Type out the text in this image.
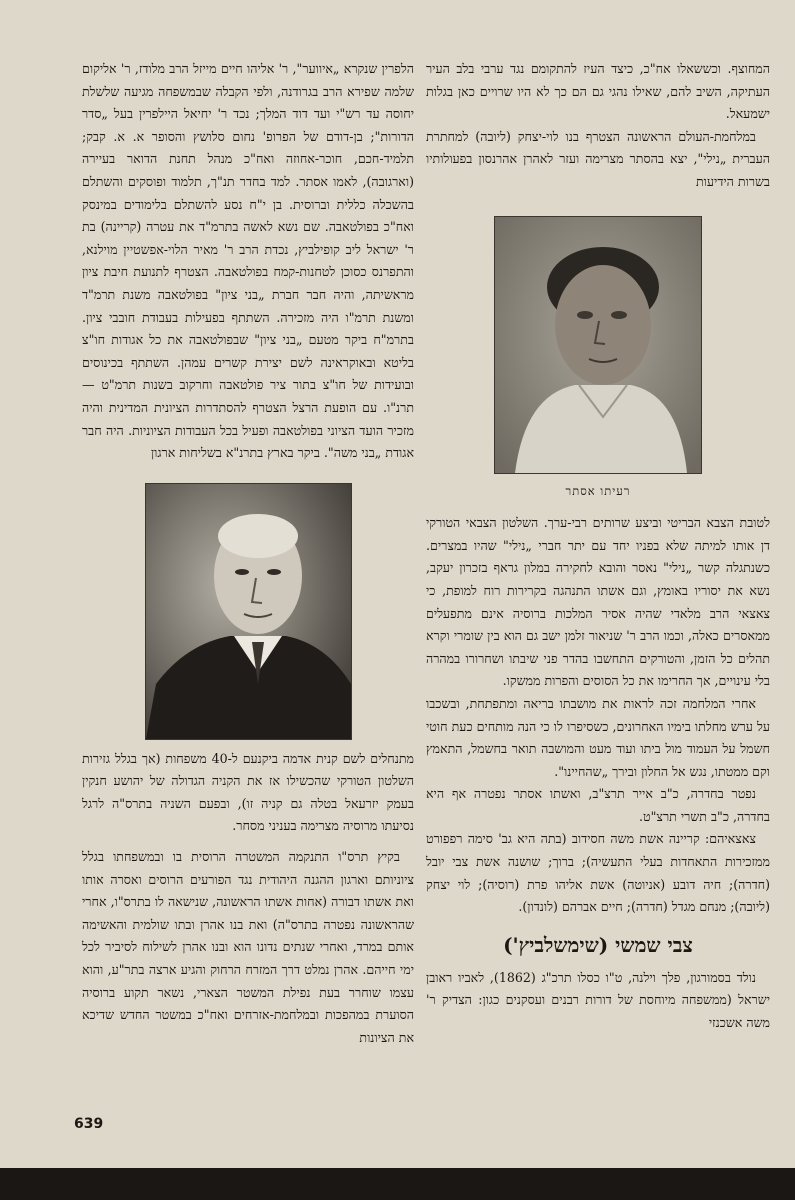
המחוצף. וכששאלו אח"כ, כיצד העיז להתקומם נגד ערבי בלב העיר העתיקה, השיב להם, שאילו נהגי גם הם כך לא היו שרויים כאן בגלות ישמעאל.

במלחמת-העולם הראשונה הצטרף בנו לוי-יצחק (ליובה) למחתרת העברית „נילי", יצא בהסתר מצרימה ועזר לאהרן אהרנסון בפעולותיו בשרות הידיעות

רעיתו אסתר

לטובת הצבא הבריטי וביצע שרותים רבי-ערך. השלטון הצבאי הטורקי דן אותו למיתה שלא בפניו יחד עם יתר חברי „נילי" שהיו במצרים. כשנתגלה קשר „נילי" נאסר והובא לחקירה במלון גראף בזכרון יעקב, נשא את יסוריו באומץ, וגם אשתו התנהגה בקרירות רוח למופת, כי צאצאי הרב מלאדי שהיה אסיר המלכות ברוסיה אינם מתפעלים ממאסרים כאלה, וכמו הרב ר' שניאור זלמן ישב גם הוא בין שומרי וקרא תהלים כל הזמן, והטורקים התחשבו בהדר פני שיבתו ושחרורו במהרה בלי עינויים, אך החרימו את כל הסוסים והפרות ממשקו.

אחרי המלחמה זכה לראות את מושבתו בריאה ומתפתחת, ובשכבו על ערש מחלתו בימיו האחרונים, כשסיפרו לו כי הנה מותחים כעת חוטי חשמל על העמוד מול ביתו ועוד מעט והמושבה תואר בחשמל, התאמץ וקם ממטתו, נגש אל החלון ובירך „שהחיינו".

נפטר בחדרה, כ"ב אייר תרצ"ב, ואשתו אסתר נפטרה אף היא בחדרה, כ"ב תשרי תרצ"ט.

צאצאיהם: קריינה אשת משה חסידוב (בתה היא גב' סימה רפפורט ממזכירות התאחדות בעלי התעשיה); ברוך; שושנה אשת צבי יובל (חדרה); חיה דובע (אניוטה) אשת אליהו פרת (רוסיה); לוי יצחק (ליובה); מנחם מגדל (חדרה); חיים אברהם (לונדון).

צבי שמשי (שימשלביץ')

נולד בסמורגון, פלך וילנה, ט"ו כסלו תרכ"ג (1862), לאביו ראובן ישראל (ממשפחה מיוחסת של דורות רבנים ועסקנים כגון: הצדיק ר' משה אשכנזי

הלפרין שנקרא „איווער", ר' אליהו חיים מייזל הרב מלודז, ר' אליקום שלמה שפירא הרב בגרודנה, ולפי הקבלה שבמשפחה מגיעה שלשלת יחוסה עד רש"י ועד דוד המלך; נכד ר' יחיאל היילפרין בעל „סדר הדורות"; בן-דודם של הפרופ' נחום סלושץ והסופר א. א. קבק; תלמיד-חכם, חוכר-אחוזה ואח"כ מנהל תחנת הדואר בעיירה (וארגובה), לאמו אסתר. למד בחדר תנ"ך, תלמוד ופוסקים והשתלם בהשכלה כללית וברוסית. בן י"ח נסע להשתלם בלימודים במינסק ואח"כ בפולטאבה. שם נשא לאשה בתרמ"ד את עטרה (קריינה) בת ר' ישראל ליב קופילביץ, נכדת הרב ר' מאיר הלוי-אפשטיין מוילנא, והתפרנס כסוכן לטחנות-קמח בפולטאבה. הצטרף לתנועת חיבת ציון מראשיתה, והיה חבר חברת „בני ציון" בפולטאבה משנת תרמ"ד ומשנת תרמ"ו היה מזכירה. השתתף בפעילות בעבודת חובבי ציון. בתרמ"ח ביקר מטעם „בני ציון" שבפולטאבה את כל אגודות חו"צ בליטא ובאוקראינה לשם יצירת קשרים עמהן. השתתף בכינוסים ובועידות של חו"צ בתור ציר פולטאבה וחרקוב בשנות תרמ"ט — תרנ"ו. עם הופעת הרצל הצטרף להסתדרות הציונית המדינית והיה מזכיר הועד הציוני בפולטאבה ופעיל בכל העבודות הציוניות. היה חבר אגודת „בני משה". ביקר בארץ בתרנ"א בשליחות ארגון

מתנחלים לשם קנית אדמה ביקנעם ל-40 משפחות (אך בגלל גזירות השלטון הטורקי שהכשילו אז את הקניה הגדולה של יהושע חנקין בעמק יזרעאל בטלה גם קניה זו), ובפעם השניה בתרס"ה לרגל נסיעתו מרוסיה מצרימה בעניני מסחר.

בקיץ תרס"ו התנקמה המשטרה הרוסית בו ובמשפחתו בגלל ציוניותם וארגון ההגנה היהודית נגד הפורעים הרוסים ואסרה אותו ואת אשתו דבורה (אחות אשתו הראשונה, שנישאה לו בתרס"ו, אחרי שהראשונה נפטרה בתרס"ה) ואת בנו אהרן ובתו שולמית והאשימה אותם במרד, ואחרי שנתים נדונו הוא ובנו אהרן לשילוח לסיביר לכל ימי חייהם. אהרן נמלט דרך המזרח הרחוק והגיע ארצה בתר"ע, והוא עצמו שוחרר בעת נפילת המשטר הצארי, נשאר תקוע ברוסיה הסוערת במהפכות ובמלחמת-אזרחים ואח"כ במשטר החדש שדיכא את הציונות

639
